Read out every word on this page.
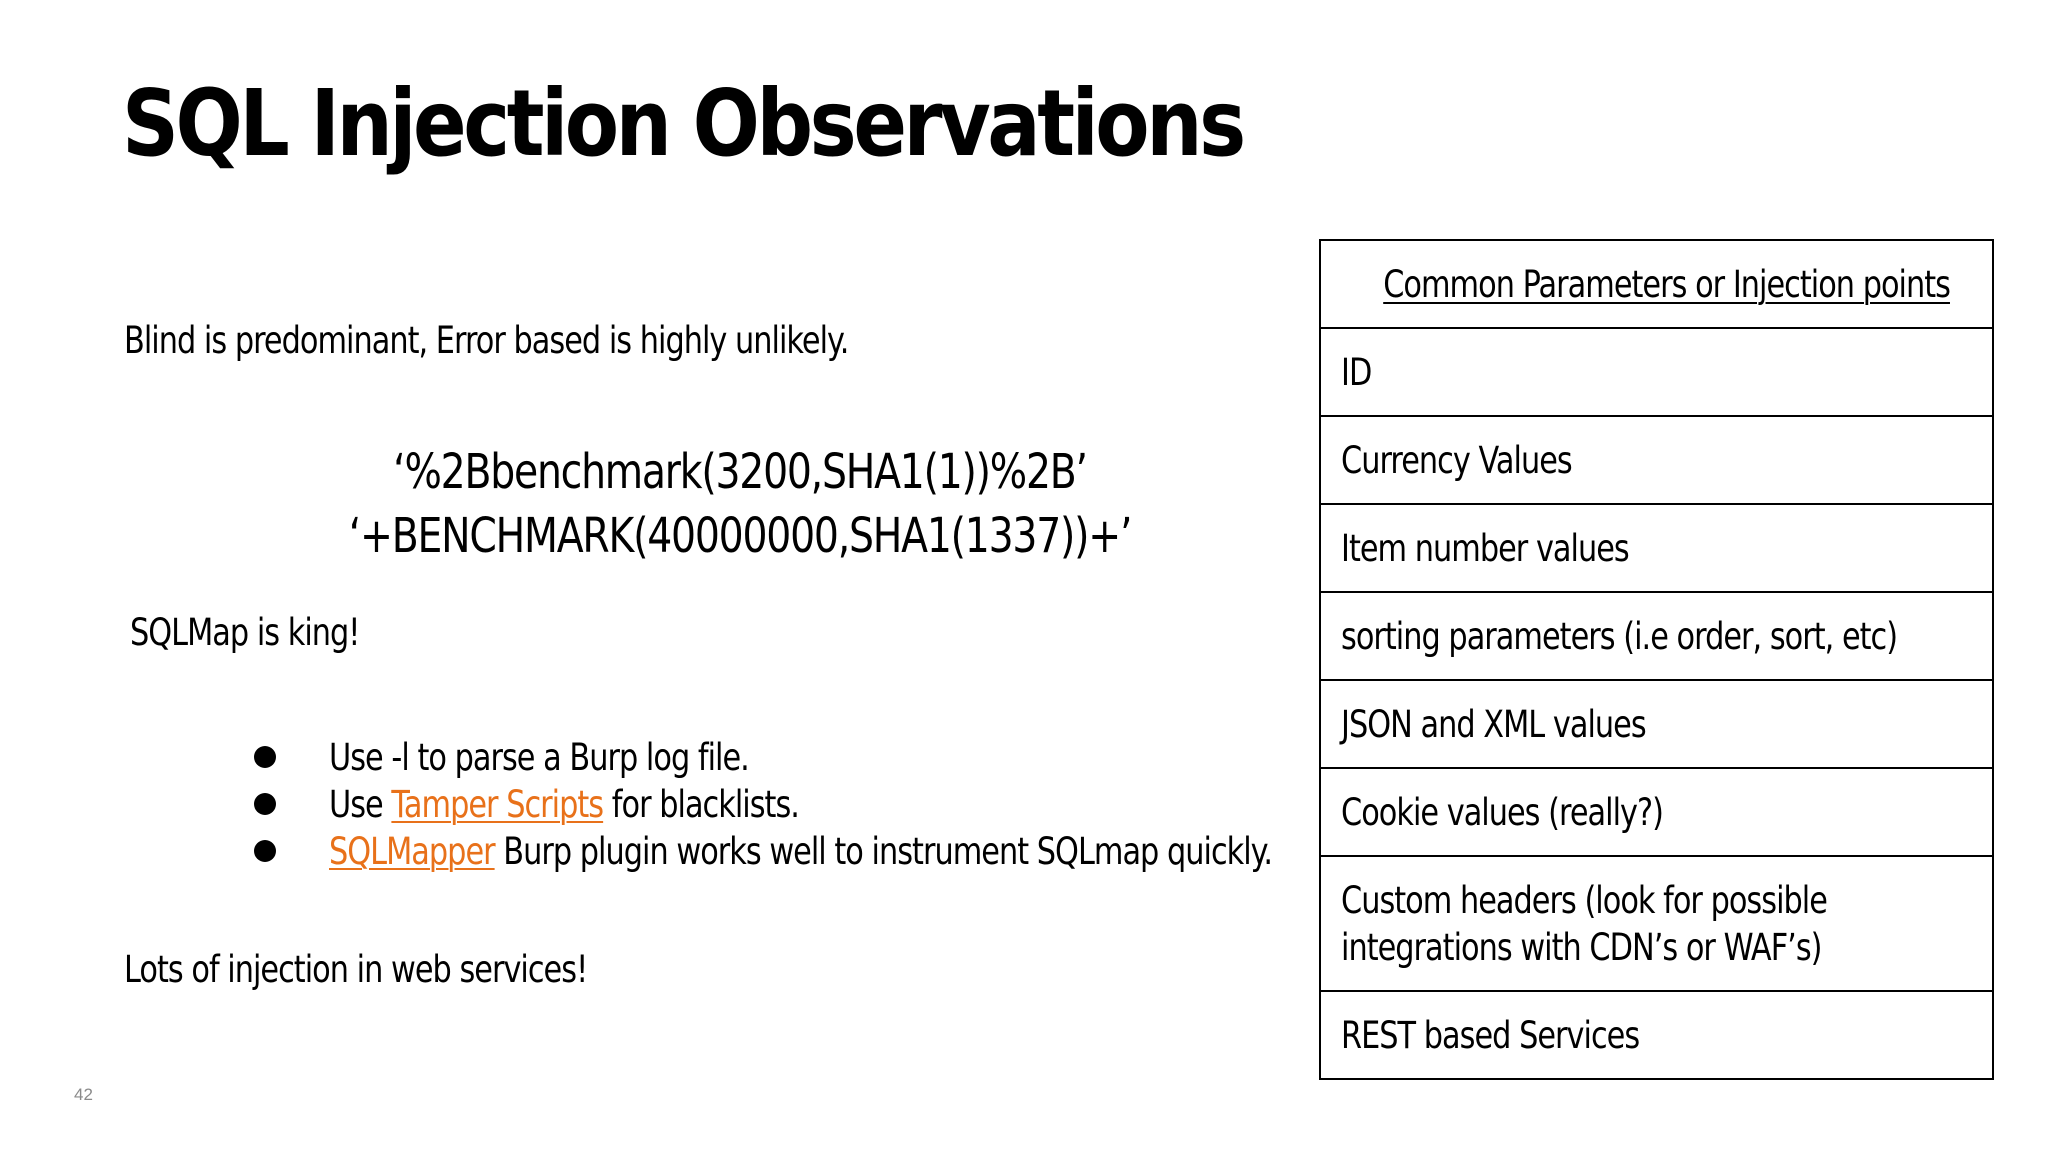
SQL Injection Observations
Blind is predominant, Error based is highly unlikely.
‘%2Bbenchmark(3200,SHA1(1))%2B’
‘+BENCHMARK(40000000,SHA1(1337))+’
SQLMap is king!
Use -l to parse a Burp log file.
Use Tamper Scripts for blacklists.
SQLMapper Burp plugin works well to instrument SQLmap quickly.
Lots of injection in web services!
Common Parameters or Injection points
ID
Currency Values
Item number values
sorting parameters (i.e order, sort, etc)
JSON and XML values
Cookie values (really?)
Custom headers (look for possible
integrations with CDN’s or WAF’s)
REST based Services
42
